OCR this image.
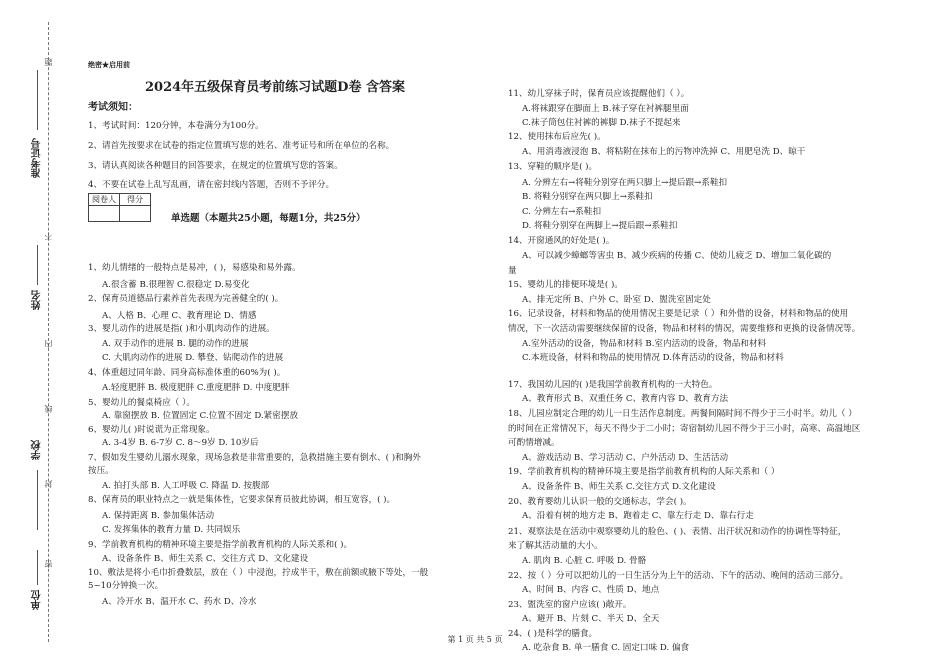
题
准考证号
不
姓名
内
线
学校
封
密
单位
绝密★启用前
2024年五级保育员考前练习试题D卷 含答案
考试须知：
1、考试时间：120分钟，本卷满分为100分。
2、请首先按要求在试卷的指定位置填写您的姓名、准考证号和所在单位的名称。
3、请认真阅读各种题目的回答要求，在规定的位置填写您的答案。
4、不要在试卷上乱写乱画，请在密封线内答题，否则不予评分。
阅卷人	得分

单选题（本题共25小题，每题1分，共25分）
1、幼儿情绪的一般特点是易冲，( )，易感染和易外露。
A.很含蓄 B.很理智 C.很稳定 D.易变化
2、保育员道德品行素养首先表现为完善健全的( )。
A、人格 B、心理 C、教育理论 D、情感
3、婴儿动作的进展是指( )和小肌肉动作的进展。
A. 双手动作的进展 B. 腿的动作的进展
C. 大肌肉动作的进展 D. 攀登、钻爬动作的进展
4、体重超过同年龄、同身高标准体重的60%为( )。
A.轻度肥胖 B. 极度肥胖 C.重度肥胖 D. 中度肥胖
5、婴幼儿的餐桌椅应（ ）。
A. 靠窗摆放 B. 位置固定 C.位置不固定 D.紧密摆放
6、婴幼儿( )时说谎为正常现象。
A. 3-4岁 B. 6-7岁 C. 8～9岁 D. 10岁后
7、假如发生婴幼儿溺水现象，现场急救是非常重要的，急救措施主要有倒水、( )和胸外
按压。
A. 拍打头部 B. 人工呼吸 C. 降温 D. 按腹部
8、保育员的职业特点之一就是集体性，它要求保育员彼此协调，相互宽容，( )。
A. 保持距离 B. 参加集体活动
C. 发挥集体的教育力量 D. 共同娱乐
9、学前教育机构的精神环境主要是指学前教育机构的人际关系和( )。
A、设备条件 B、师生关系 C、交往方式 D、文化建设
10、敷法是将小毛巾折叠数层，放在（ ）中浸泡，拧成半干，敷在前额或腋下等处，一般
5~10分钟换一次。
A、冷开水 B、温开水 C、药水 D、冷水
11、幼儿穿袜子时，保育员应该提醒他们（ ）。
A.将袜跟穿在脚面上 B.袜子穿在衬裤腿里面
C.袜子筒包住衬裤的裤脚 D.袜子不提起来
12、使用抹布后应先( )。
A、用消毒液浸泡 B、将粘附在抹布上的污物冲洗掉 C、用肥皂洗 D、晾干
13、穿鞋的顺序是( )。
A. 分辨左右→将鞋分别穿在两只脚上→提后跟→系鞋扣
B. 将鞋分别穿在两只脚上→系鞋扣
C. 分辨左右→系鞋扣
D. 将鞋分别穿在两脚上→提后跟→系鞋扣
14、开窗通风的好处是( )。
A、可以减少蟑螂等害虫 B、减少疾病的传播 C、使幼儿疲乏 D、增加二氧化碳的
量
15、婴幼儿的排便环境是( )。
A、排无定所 B、户外 C、卧室 D、盥洗室固定处
16、记录设备，材料和物品的使用情况主要是记录（ ）和外借的设备，材料和物品的使用
情况，下一次活动需要继续保留的设备，物品和材料的情况，需要维修和更换的设备情况等。
A.室外活动的设备，物品和材料 B.室内活动的设备，物品和材料
C.本班设备，材料和物品的使用情况 D.体育活动的设备，物品和材料
17、我国幼儿园的( )是我国学前教育机构的一大特色。
A、教育形式 B、双重任务 C、教育内容 D、教育方法
18、儿园应制定合理的幼儿一日生活作息制度。两餐间隔时间不得少于三小时半。幼儿（ ）
的时间在正常情况下，每天不得少于二小时；寄宿制幼儿园不得少于三小时，高寒、高温地区
可酌情增减。
A、游戏活动 B、学习活动 C、户外活动 D、生活活动
19、学前教育机构的精神环境主要是指学前教育机构的人际关系和（ ）
A、设备条件 B、师生关系 C.交往方式 D.文化建设
20、教育婴幼儿认识一般的交通标志，学会( )。
A、沿着有树的地方走 B、跑着走 C、靠左行走 D、靠右行走
21、观察法是在活动中观察婴幼儿的脸色、( )、表情、出汗状况和动作的协调性等特征，
来了解其活动量的大小。
A. 肌肉 B. 心脏 C. 呼吸 D. 骨骼
22、按（ ）分可以把幼儿的一日生活分为上午的活动、下午的活动、晚间的活动三部分。
A、时间 B、内容 C、性质 D、地点
23、盥洗室的窗户应该( )敞开。
A、避开 B、片刻 C、半天 D、全天
24、( )是科学的膳食。
A. 吃杂食 B. 单一膳食 C. 固定口味 D. 偏食
第 1 页 共 5 页
